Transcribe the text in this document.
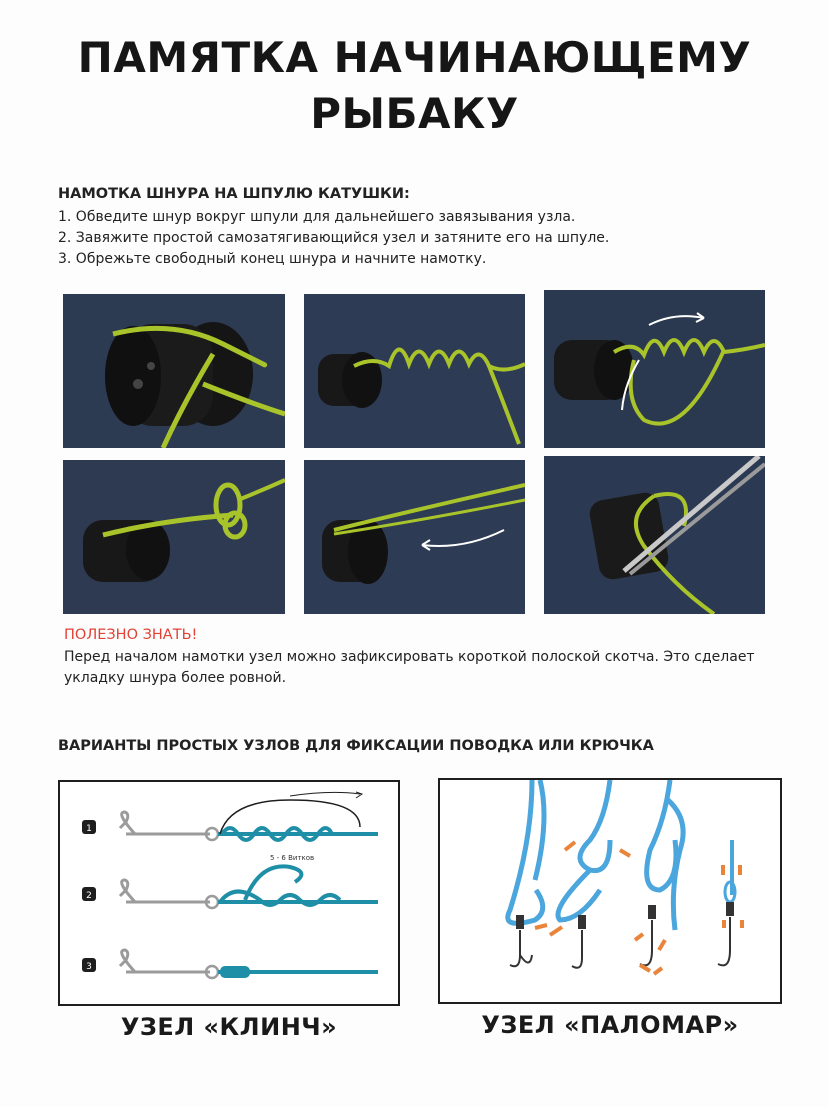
ПАМЯТКА НАЧИНАЮЩЕМУ
РЫБАКУ
НАМОТКА ШНУРА НА ШПУЛЮ КАТУШКИ:
1. Обведите шнур вокруг шпули для дальнейшего завязывания узла.
2. Завяжите простой самозатягивающийся узел и затяните его на шпуле.
3. Обрежьте свободный конец шнура и начните намотку.
ПОЛЕЗНО ЗНАТЬ!
Перед началом намотки узел можно зафиксировать короткой полоской скотча. Это сделает укладку шнура более ровной.
ВАРИАНТЫ ПРОСТЫХ УЗЛОВ ДЛЯ ФИКСАЦИИ ПОВОДКА ИЛИ КРЮЧКА
1
2
3
5 - 6 Витков
УЗЕЛ «КЛИНЧ»	УЗЕЛ «ПАЛОМАР»
